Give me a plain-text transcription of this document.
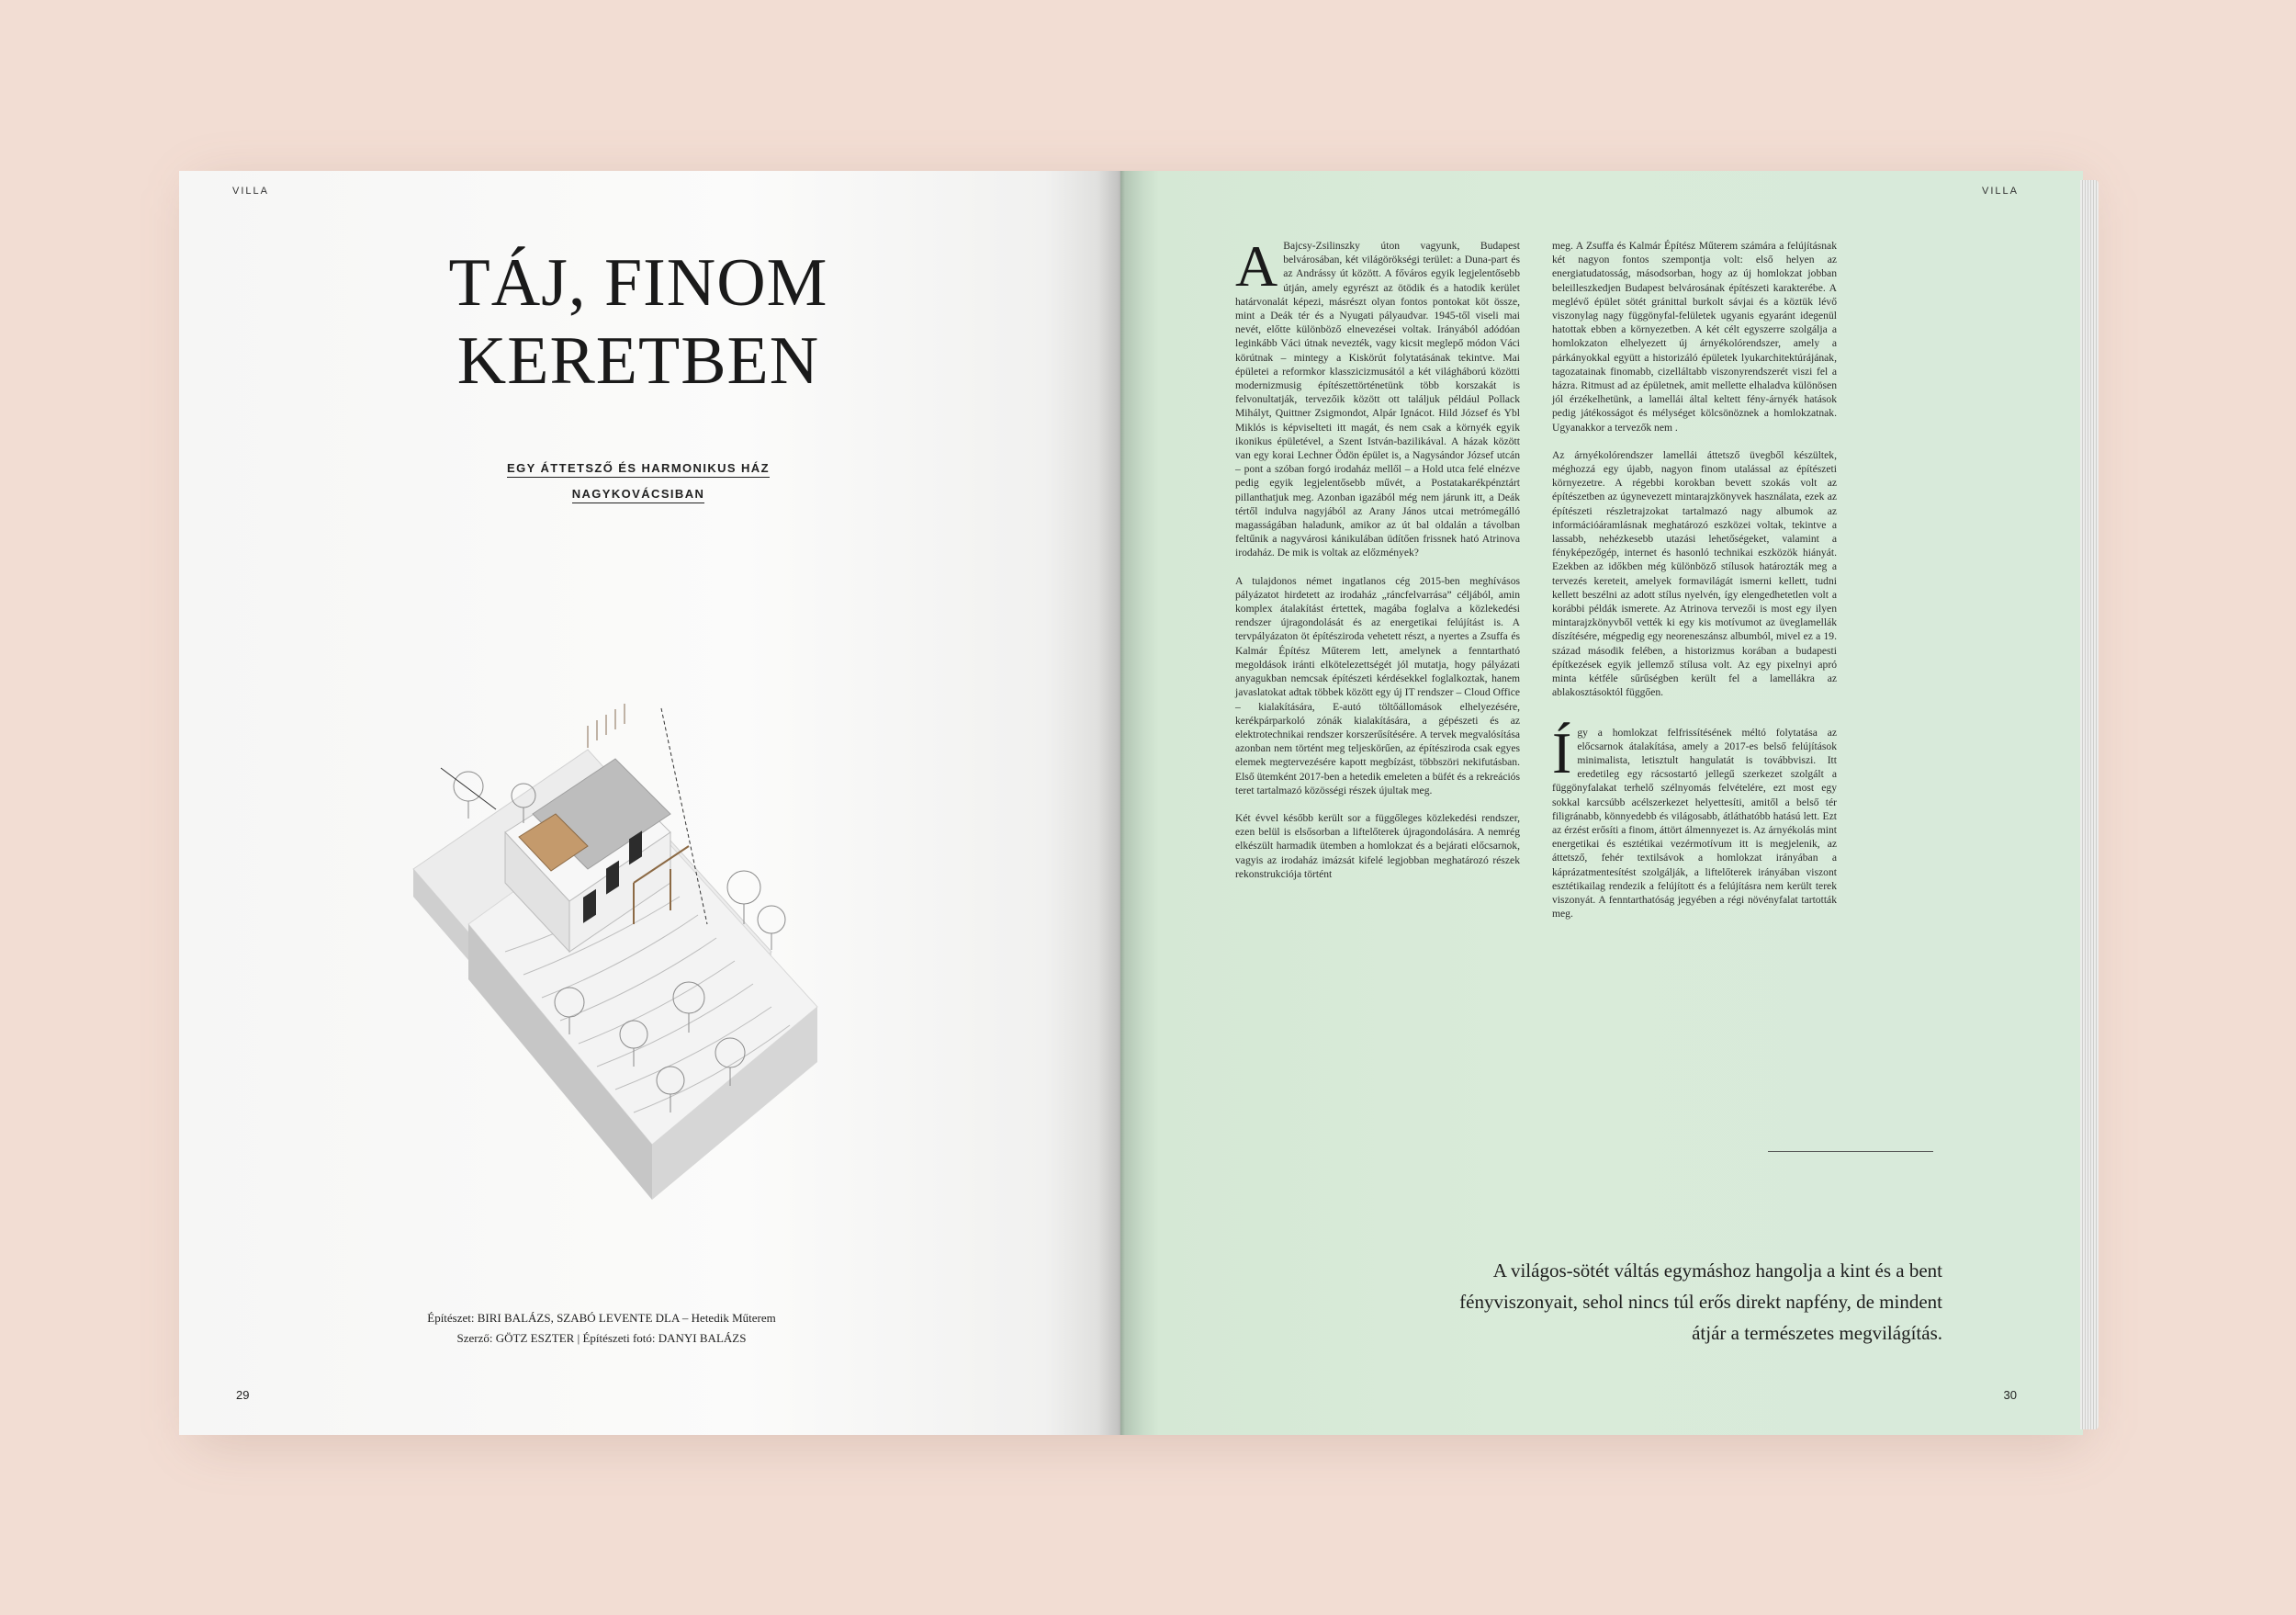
VILLA
TÁJ, FINOM KERETBEN
EGY ÁTTETSZŐ ÉS HARMONIKUS HÁZ
NAGYKOVÁCSIBAN
Építészet: BIRI BALÁZS, SZABÓ LEVENTE DLA – Hetedik Műterem
Szerző: GÖTZ ESZTER | Építészeti fotó: DANYI BALÁZS
29
VILLA

A Bajcsy-Zsilinszky úton vagyunk, Budapest belvárosában, két világörökségi terület: a Duna-part és az Andrássy út között. A főváros egyik legjelentősebb útján, amely egyrészt az ötödik és a hatodik kerület határvonalát képezi, másrészt olyan fontos pontokat köt össze, mint a Deák tér és a Nyugati pályaudvar. 1945-től viseli mai nevét, előtte különböző elnevezései voltak. Irányából adódóan leginkább Váci útnak nevezték, vagy kicsit meglepő módon Váci körútnak – mintegy a Kiskörút folytatásának tekintve. Mai épületei a reformkor klasszicizmusától a két világháború közötti modernizmusig építészettörténetünk több korszakát is felvonultatják, tervezőik között ott találjuk például Pollack Mihályt, Quittner Zsigmondot, Alpár Ignácot. Hild József és Ybl Miklós is képviselteti itt magát, és nem csak a környék egyik ikonikus épületével, a Szent István-bazilikával. A házak között van egy korai Lechner Ödön épület is, a Nagysándor József utcán – pont a szóban forgó irodaház mellől – a Hold utca felé elnézve pedig egyik legjelentősebb művét, a Postatakarékpénztárt pillanthatjuk meg. Azonban igazából még nem járunk itt, a Deák tértől indulva nagyjából az Arany János utcai metrómegálló magasságában haladunk, amikor az út bal oldalán a távolban feltűnik a nagyvárosi kánikulában üdítően frissnek ható Atrinova irodaház. De mik is voltak az előzmények?

A tulajdonos német ingatlanos cég 2015-ben meghívásos pályázatot hirdetett az irodaház „ráncfelvarrása” céljából, amin komplex átalakítást értettek, magába foglalva a közlekedési rendszer újragondolását és az energetikai felújítást is. A tervpályázaton öt építésziroda vehetett részt, a nyertes a Zsuffa és Kalmár Építész Műterem lett, amelynek a fenntartható megoldások iránti elkötelezettségét jól mutatja, hogy pályázati anyagukban nemcsak építészeti kérdésekkel foglalkoztak, hanem javaslatokat adtak többek között egy új IT rendszer – Cloud Office – kialakítására, E-autó töltőállomások elhelyezésére, kerékpárparkoló zónák kialakítására, a gépészeti és az elektrotechnikai rendszer korszerűsítésére. A tervek megvalósítása azonban nem történt meg teljeskörűen, az építésziroda csak egyes elemek megtervezésére kapott megbízást, többszöri nekifutásban. Első ütemként 2017-ben a hetedik emeleten a büfét és a rekreációs teret tartalmazó közösségi részek újultak meg.

Két évvel később került sor a függőleges közlekedési rendszer, ezen belül is elsősorban a liftelőterek újragondolására. A nemrég elkészült harmadik ütemben a homlokzat és a bejárati előcsarnok, vagyis az irodaház imázsát kifelé legjobban meghatározó részek rekonstrukciója történt

meg. A Zsuffa és Kalmár Építész Műterem számára a felújításnak két nagyon fontos szempontja volt: első helyen az energiatudatosság, másodsorban, hogy az új homlokzat jobban beleilleszkedjen Budapest belvárosának építészeti karakterébe. A meglévő épület sötét gránittal burkolt sávjai és a köztük lévő viszonylag nagy függönyfal-felületek ugyanis egyaránt idegenül hatottak ebben a környezetben. A két célt egyszerre szolgálja a homlokzaton elhelyezett új árnyékolórendszer, amely a párkányokkal együtt a historizáló épületek lyukarchitektúrájának, tagozatainak finomabb, cizelláltabb viszonyrendszerét viszi fel a házra. Ritmust ad az épületnek, amit mellette elhaladva különösen jól érzékelhetünk, a lamellái által keltett fény-árnyék hatások pedig játékosságot és mélységet kölcsönöznek a homlokzatnak. Ugyanakkor a tervezők nem .

Az árnyékolórendszer lamellái áttetsző üvegből készültek, méghozzá egy újabb, nagyon finom utalással az építészeti környezetre. A régebbi korokban bevett szokás volt az építészetben az úgynevezett mintarajzkönyvek használata, ezek az építészeti részletrajzokat tartalmazó nagy albumok az információáramlásnak meghatározó eszközei voltak, tekintve a lassabb, nehézkesebb utazási lehetőségeket, valamint a fényképezőgép, internet és hasonló technikai eszközök hiányát. Ezekben az időkben még különböző stílusok határozták meg a tervezés kereteit, amelyek formavilágát ismerni kellett, tudni kellett beszélni az adott stílus nyelvén, így elengedhetetlen volt a korábbi példák ismerete. Az Atrinova tervezői is most egy ilyen mintarajzkönyvből vették ki egy kis motívumot az üveglamellák díszítésére, mégpedig egy neoreneszánsz albumból, mivel ez a 19. század második felében, a historizmus korában a budapesti építkezések egyik jellemző stílusa volt. Az egy pixelnyi apró minta kétféle sűrűségben került fel a lamellákra az ablakosztásoktól függően.

Így a homlokzat felfrissítésének méltó folytatása az előcsarnok átalakítása, amely a 2017-es belső felújítások minimalista, letisztult hangulatát is továbbviszi. Itt eredetileg egy rácsostartó jellegű szerkezet szolgált a függönyfalakat terhelő szélnyomás felvételére, ezt most egy sokkal karcsúbb acélszerkezet helyettesíti, amitől a belső tér filigránabb, könnyedebb és világosabb, átláthatóbb hatású lett. Ezt az érzést erősíti a finom, áttört álmennyezet is. Az árnyékolás mint energetikai és esztétikai vezérmotívum itt is megjelenik, az áttetsző, fehér textilsávok a homlokzat irányában a káprázatmentesítést szolgálják, a liftelőterek irányában viszont esztétikailag rendezik a felújított és a felújításra nem került terek viszonyát. A fenntarthatóság jegyében a régi növényfalat tartották meg.

A világos-sötét váltás egymáshoz hangolja a kint és a bent fényviszonyait, sehol nincs túl erős direkt napfény, de mindent átjár a természetes megvilágítás.
30
